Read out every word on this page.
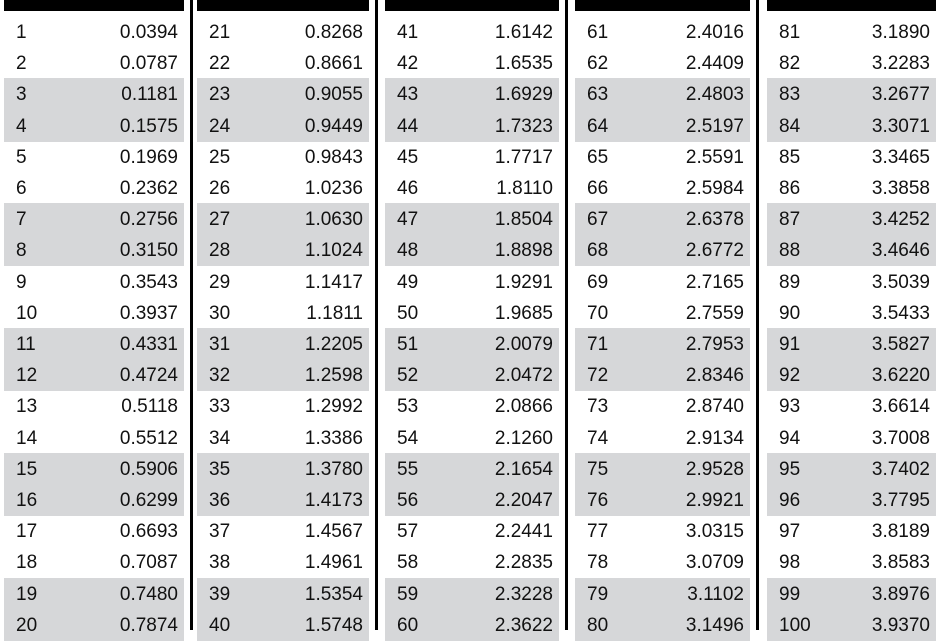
1	0.0394
2	0.0787
3	0.1181
4	0.1575
5	0.1969
6	0.2362
7	0.2756
8	0.3150
9	0.3543
10	0.3937
11	0.4331
12	0.4724
13	0.5118
14	0.5512
15	0.5906
16	0.6299
17	0.6693
18	0.7087
19	0.7480
20	0.7874
21	0.8268
22	0.8661
23	0.9055
24	0.9449
25	0.9843
26	1.0236
27	1.0630
28	1.1024
29	1.1417
30	1.1811
31	1.2205
32	1.2598
33	1.2992
34	1.3386
35	1.3780
36	1.4173
37	1.4567
38	1.4961
39	1.5354
40	1.5748
41	1.6142
42	1.6535
43	1.6929
44	1.7323
45	1.7717
46	1.8110
47	1.8504
48	1.8898
49	1.9291
50	1.9685
51	2.0079
52	2.0472
53	2.0866
54	2.1260
55	2.1654
56	2.2047
57	2.2441
58	2.2835
59	2.3228
60	2.3622
61	2.4016
62	2.4409
63	2.4803
64	2.5197
65	2.5591
66	2.5984
67	2.6378
68	2.6772
69	2.7165
70	2.7559
71	2.7953
72	2.8346
73	2.8740
74	2.9134
75	2.9528
76	2.9921
77	3.0315
78	3.0709
79	3.1102
80	3.1496
81	3.1890
82	3.2283
83	3.2677
84	3.3071
85	3.3465
86	3.3858
87	3.4252
88	3.4646
89	3.5039
90	3.5433
91	3.5827
92	3.6220
93	3.6614
94	3.7008
95	3.7402
96	3.7795
97	3.8189
98	3.8583
99	3.8976
100	3.9370
